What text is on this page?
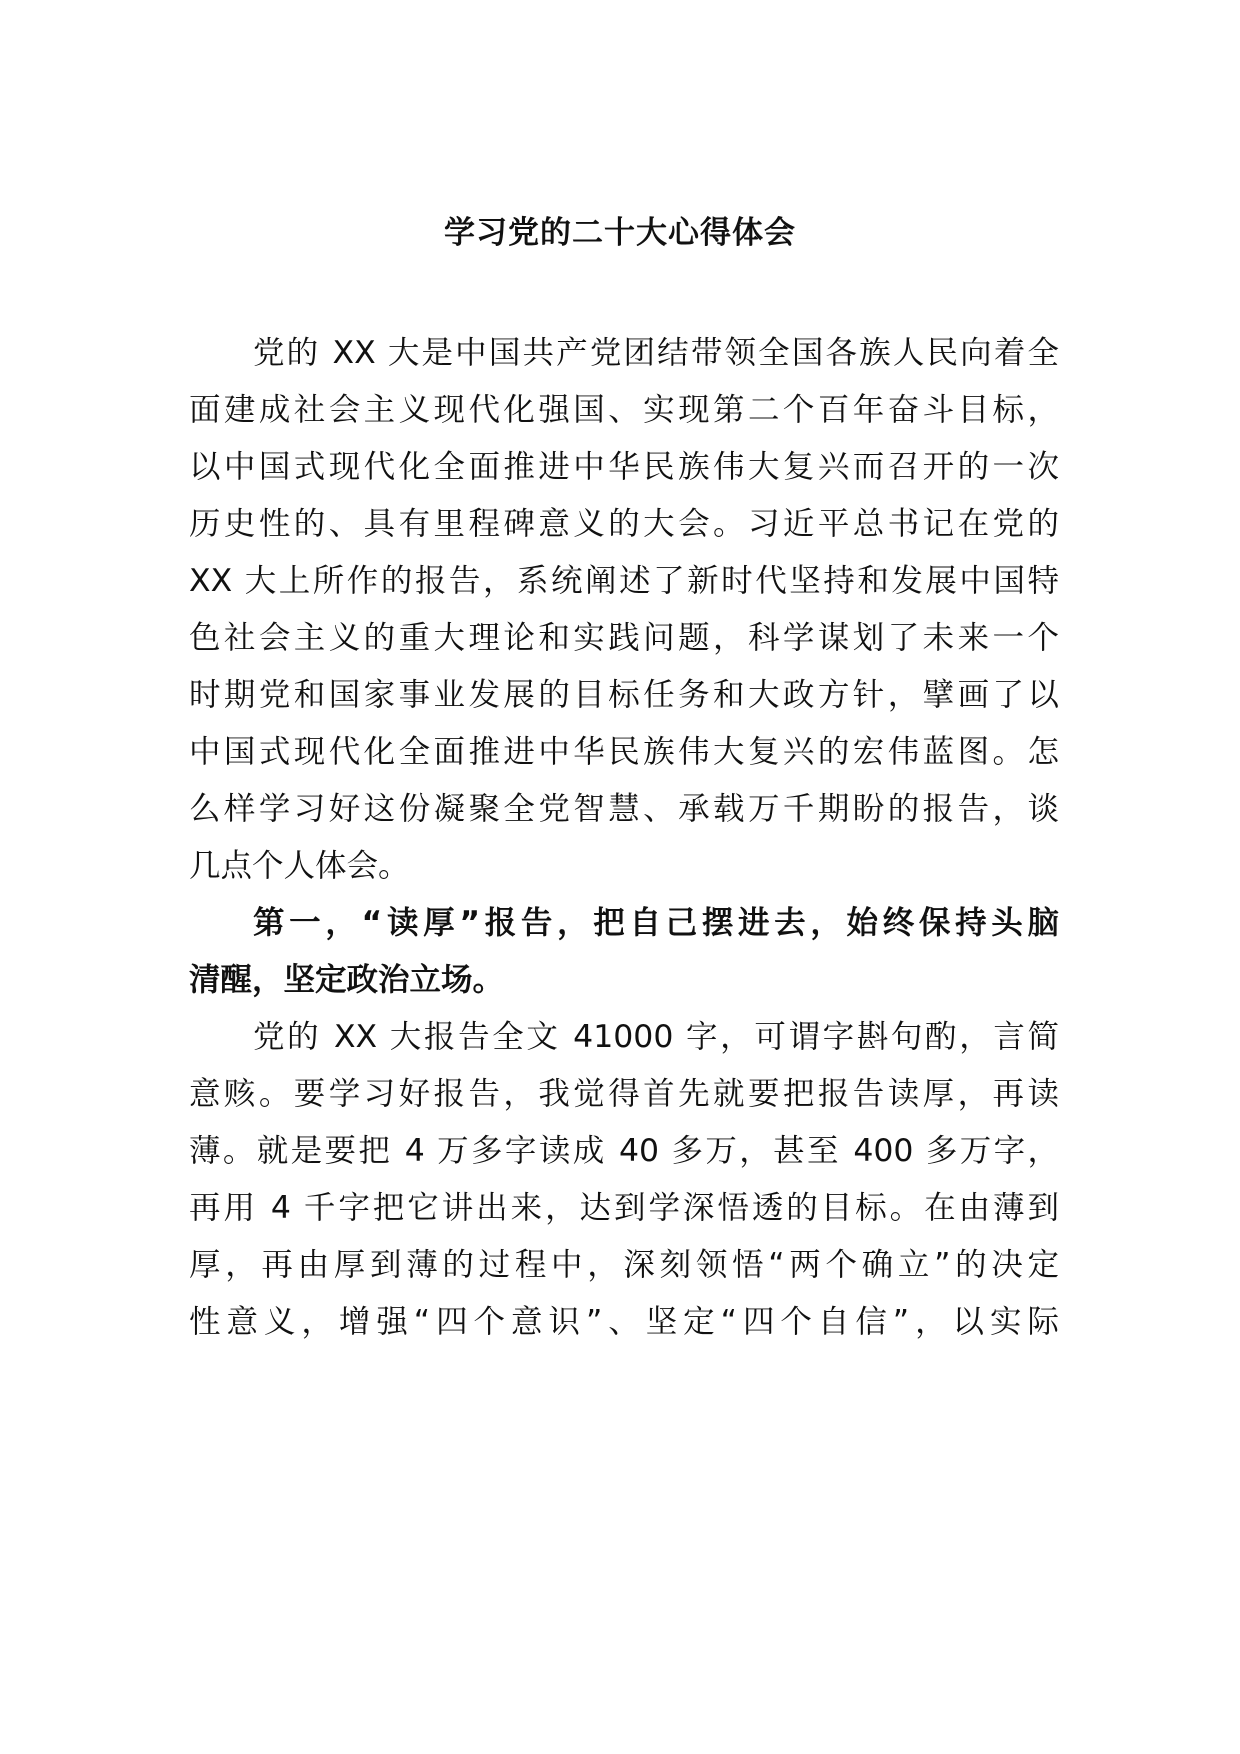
学习党的二十大心得体会
党的 XX 大是中国共产党团结带领全国各族人民向着全
面建成社会主义现代化强国、实现第二个百年奋斗目标，
以中国式现代化全面推进中华民族伟大复兴而召开的一次
历史性的、具有里程碑意义的大会。习近平总书记在党的
XX 大上所作的报告，系统阐述了新时代坚持和发展中国特
色社会主义的重大理论和实践问题，科学谋划了未来一个
时期党和国家事业发展的目标任务和大政方针，擘画了以
中国式现代化全面推进中华民族伟大复兴的宏伟蓝图。怎
么样学习好这份凝聚全党智慧、承载万千期盼的报告，谈
几点个人体会。
第一，“读厚”报告，把自己摆进去，始终保持头脑
清醒，坚定政治立场。
党的 XX 大报告全文 41000 字，可谓字斟句酌，言简
意赅。要学习好报告，我觉得首先就要把报告读厚，再读
薄。就是要把 4 万多字读成 40 多万，甚至 400 多万字，
再用 4 千字把它讲出来，达到学深悟透的目标。在由薄到
厚，再由厚到薄的过程中，深刻领悟“两个确立”的决定
性意义，增强“四个意识”、坚定“四个自信”，以实际
